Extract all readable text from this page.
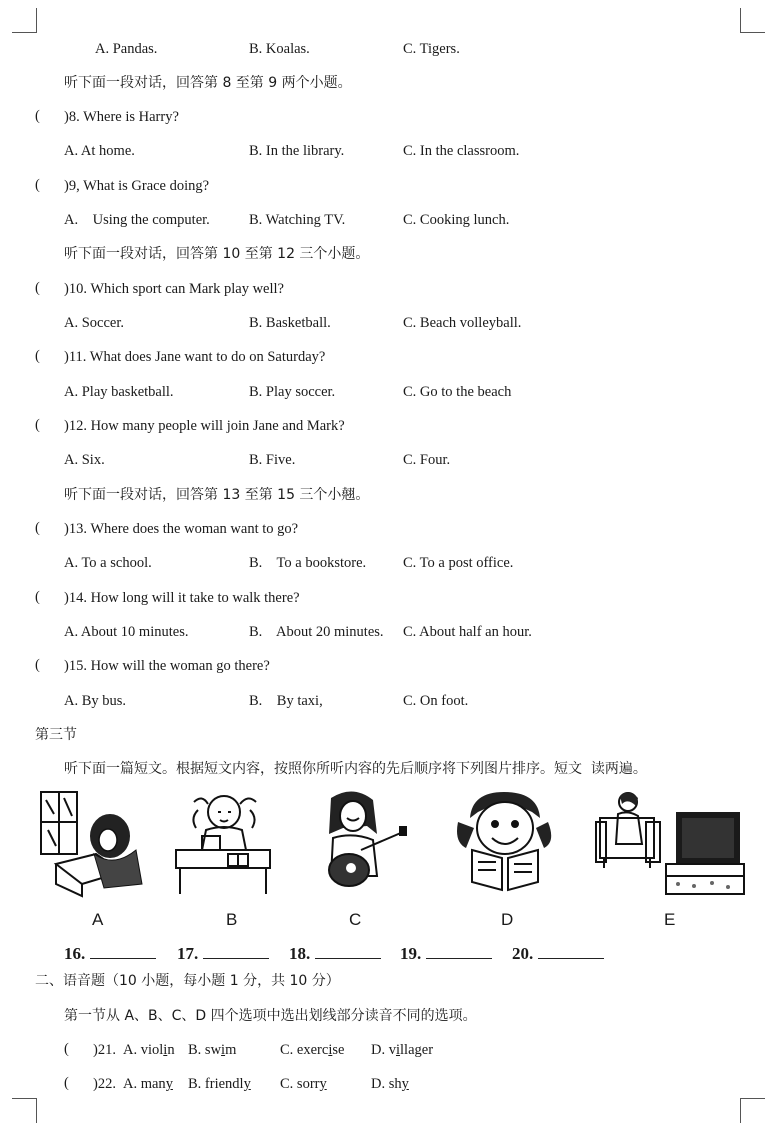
A. Pandas.	B. Koalas.	C. Tigers.
听下面一段对话，回答第 8 至第 9 两个小题。
( )8. Where is Harry?
A. At home.	B. In the library.	C. In the classroom.
( )9, What is Grace doing?
A.    Using the computer.	B. Watching TV.	C. Cooking lunch.
听下面一段对话，回答第 10 至第 12 三个小题。
( )10. Which sport can Mark play well?
A. Soccer.	B. Basketball.	C. Beach volleyball.
( )11. What does Jane want to do on Saturday?
A. Play basketball.	B. Play soccer.	C. Go to the beach
( )12. How many people will join Jane and Mark?
A. Six.	B. Five.	C. Four.
听下面一段对话，回答第 13 至第 15 三个小翹。
( )13. Where does the woman want to go?
A. To a school.	B.    To a bookstore.	C. To a post office.
( )14. How long will it take to walk there?
A. About 10 minutes.	B.    About 20 minutes. C. About half an hour.
( )15. How will the woman go there?
A. By bus.	B.    By taxi,	C. On foot.
第三节
听下面一篇短文。根据短文内容，按照你所听内容的先后顺序将下列图片排序。短文  读两遍。
A	B	C	D	E
16.	17.	18.	19.	20.
二、语音题（10 小题，每小题 1 分，共 10 分）
第一节从 A、B、C、D 四个选项中选出划线部分读音不同的选项。
( )21. A. violin B. swim	C. exercise D. villager
( )22. A. many B. friendly C. sorry	D. shy
